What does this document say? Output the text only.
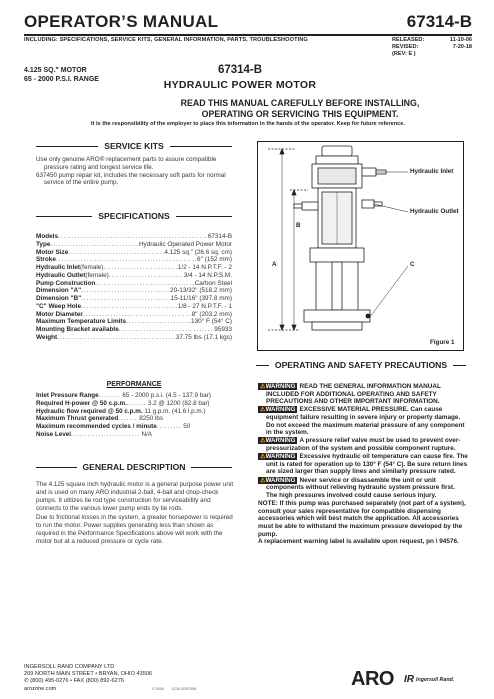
OPERATOR’S MANUAL	67314-B
INCLUDING: SPECIFICATIONS, SERVICE KITS, GENERAL INFORMATION, PARTS, TROUBLESHOOTING	RELEASED:	11-10-06
REVISED:	7-20-18
(REV: E )
4.125 SQ." MOTOR
65 - 2000 P.S.I. RANGE
67314-B
HYDRAULIC POWER MOTOR
READ THIS MANUAL CAREFULLY BEFORE INSTALLING,
OPERATING OR SERVICING THIS EQUIPMENT.
It is the responsibility of the employer to place this information in the hands of the operator. Keep for future reference.
SERVICE KITS

Use only genuine ARO® replacement parts to assure compatible pressure rating and longest service life.

637450 pump repair kit, includes the necessary soft parts for normal service of the entire pump.

SPECIFICATIONS
Models .....	67314-B
Type .....	Hydraulic Operated Power Motor
Motor Size .....	4.125 sq." (26.6 sq. cm)
Stroke .....	6" (152 mm)
Hydraulic Inlet (female) .....	1/2 - 14 N.P.T.F. - 2
Hydraulic Outlet (female) .....	3/4 - 14 N.P.S.M.
Pump Construction .....	Carbon Steel
Dimension "A" .....	20-13/32" (518.2 mm)
Dimension "B" .....	15-11/16" (397.8 mm)
"C" Weep Hole .....	1/8 - 27 N.P.T.F. - 1
Motor Diameter .....	8" (203.2 mm)
Maximum Temperature Limits .....	130° F (54° C)
Mounting Bracket available .....	95933
Weight .....	37.75 lbs (17.1 kgs)
PERFORMANCE
Inlet Pressure Range ........
65 - 2000 p.s.i. (4.5 - 137.9 bar)
Required H-power @ 50 c.p.m. .......
3.2 @ 1200 (82.8 bar)
Hydraulic flow required @ 50 c.p.m.
11 g.p.m. (41.6 l.p.m.)
Maximum Thrust generated .......
8250 lbs
Maximum recommended cycles / minute .........
50
Noise Level .........................
N/A
GENERAL DESCRIPTION

The 4.125 square inch hydraulic motor is a general purpose power unit and is used on many ARO industrial 2-ball, 4-ball and chop-check pumps. It utilizes tie rod type construction for serviceability and connects to the various lower pump ends by tie rods.

Due to frictional losses in the system, a greater horsepower is required to run the motor. Power supplies generating less than shown as required in the Performance Specifications above will work with the motor but at a reduced pressure or cycle rate.

Hydraulic Inlet
Hydraulic Outlet
A
B
C
Figure 1
OPERATING AND SAFETY PRECAUTIONS
⚠WARNING READ THE GENERAL INFORMATION MANUAL INCLUDED FOR ADDITIONAL OPERATING AND SAFETY PRECAUTIONS AND OTHER IMPORTANT INFORMATION.
⚠WARNING EXCESSIVE MATERIAL PRESSURE. Can cause equipment failure resulting in severe injury or property damage. Do not exceed the maximum material pressure of any component in the system.
⚠WARNING A pressure relief valve must be used to prevent over-pressurization of the system and possible component rupture.
⚠WARNING Excessive hydraulic oil temperature can cause fire. The unit is rated for operation up to 130° F (54° C). Be sure return lines are sized larger than supply lines and similarly pressure rated.
⚠WARNING Never service or disassemble the unit or unit components without relieving hydraulic system pressure first. The high pressures involved could cause serious injury.
NOTE: If this pump was purchased separately (not part of a system), consult your sales representative for compatible dispensing accessories which will best match the application. All accessories must be able to withstand the maximum pressure developed by the pump.
A replacement warning label is available upon request, pn \ 94576.
INGERSOLL RAND COMPANY LTD
209 NORTH MAIN STREET • BRYAN, OHIO 43506
✆ (800) 495-0276 • FAX (800) 892-6276
arozone.com	© 2018 CCN 11297008	ARO IR Ingersoll Rand.
